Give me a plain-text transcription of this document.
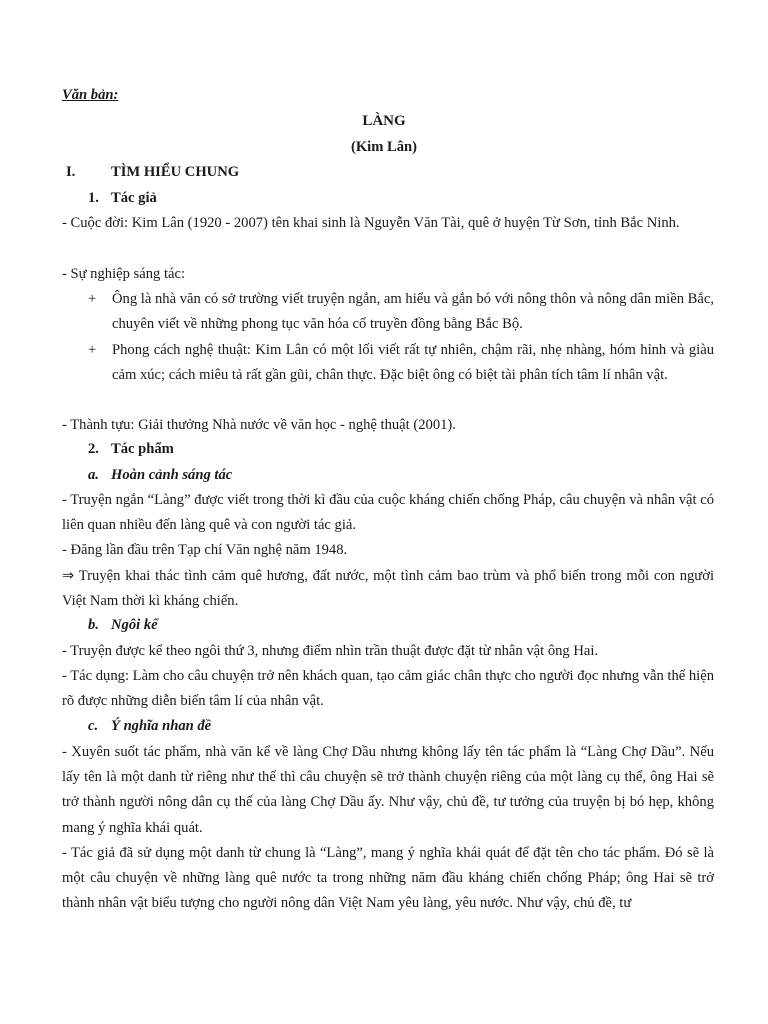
Văn bản:
LÀNG
(Kim Lân)
I. TÌM HIỂU CHUNG
1. Tác giả
- Cuộc đời: Kim Lân (1920 - 2007) tên khai sinh là Nguyễn Văn Tài, quê ở huyện Từ Sơn, tỉnh Bắc Ninh.
- Sự nghiệp sáng tác:
+ Ông là nhà văn có sở trường viết truyện ngắn, am hiểu và gắn bó với nông thôn và nông dân miền Bắc, chuyên viết về những phong tục văn hóa cổ truyền đồng bằng Bắc Bộ.
+ Phong cách nghệ thuật: Kim Lân có một lối viết rất tự nhiên, chậm rãi, nhẹ nhàng, hóm hỉnh và giàu cảm xúc; cách miêu tả rất gần gũi, chân thực. Đặc biệt ông có biệt tài phân tích tâm lí nhân vật.
- Thành tựu: Giải thưởng Nhà nước về văn học - nghệ thuật (2001).
2. Tác phẩm
a. Hoàn cảnh sáng tác
- Truyện ngắn “Làng” được viết trong thời kì đầu của cuộc kháng chiến chống Pháp, câu chuyện và nhân vật có liên quan nhiều đến làng quê và con người tác giả.
- Đăng lần đầu trên Tạp chí Văn nghệ năm 1948.
⇒ Truyện khai thác tình cảm quê hương, đất nước, một tình cảm bao trùm và phổ biến trong mỗi con người Việt Nam thời kì kháng chiến.
b. Ngôi kể
- Truyện được kể theo ngôi thứ 3, nhưng điểm nhìn trần thuật được đặt từ nhân vật ông Hai.
- Tác dụng: Làm cho câu chuyện trở nên khách quan, tạo cảm giác chân thực cho người đọc nhưng vẫn thể hiện rõ được những diễn biến tâm lí của nhân vật.
c. Ý nghĩa nhan đề
- Xuyên suốt tác phẩm, nhà văn kể về làng Chợ Dầu nhưng không lấy tên tác phẩm là “Làng Chợ Dầu”. Nếu lấy tên là một danh từ riêng như thế thì câu chuyện sẽ trở thành chuyện riêng của một làng cụ thể, ông Hai sẽ trở thành người nông dân cụ thể của làng Chợ Dầu ấy. Như vậy, chủ đề, tư tưởng của truyện bị bó hẹp, không mang ý nghĩa khái quát.
- Tác giả đã sử dụng một danh từ chung là “Làng”, mang ý nghĩa khái quát để đặt tên cho tác phẩm. Đó sẽ là một câu chuyện về những làng quê nước ta trong những năm đầu kháng chiến chống Pháp; ông Hai sẽ trở thành nhân vật biểu tượng cho người nông dân Việt Nam yêu làng, yêu nước. Như vậy, chủ đề, tư
